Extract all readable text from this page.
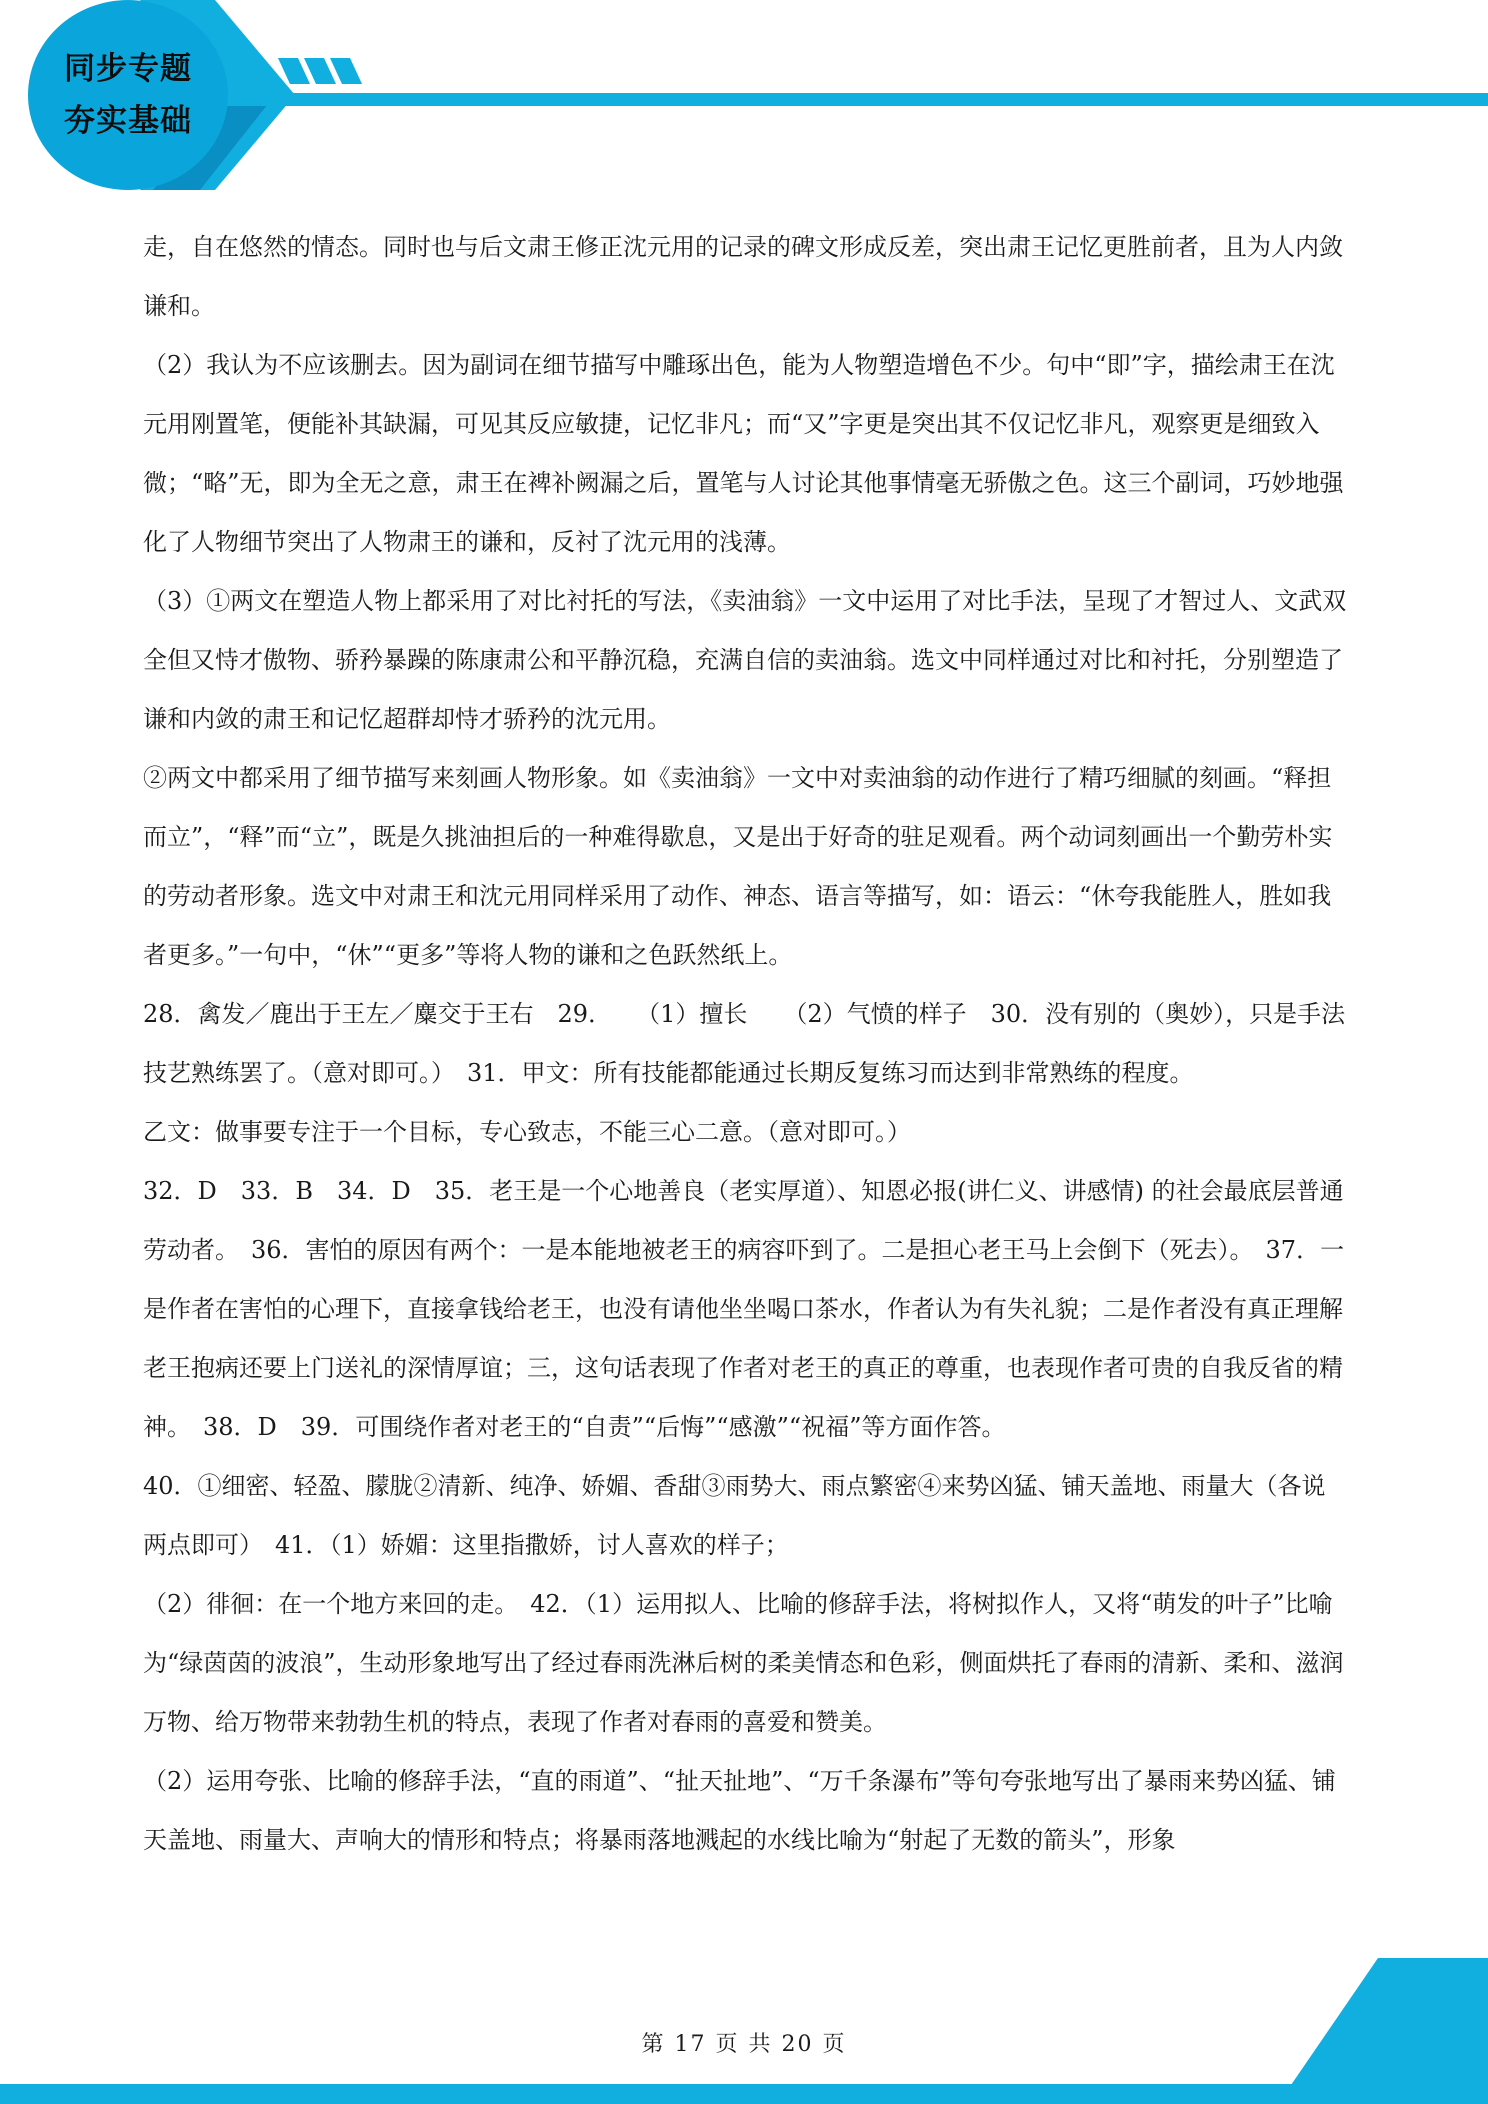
同步专题
夯实基础

走，自在悠然的情态。同时也与后文肃王修正沈元用的记录的碑文形成反差，突出肃王记忆更胜前者，且为人内敛谦和。

（2）我认为不应该删去。因为副词在细节描写中雕琢出色，能为人物塑造增色不少。句中“即”字，描绘肃王在沈元用刚置笔，便能补其缺漏，可见其反应敏捷，记忆非凡；而“又”字更是突出其不仅记忆非凡，观察更是细致入微；“略”无，即为全无之意，肃王在裨补阙漏之后，置笔与人讨论其他事情毫无骄傲之色。这三个副词，巧妙地强化了人物细节突出了人物肃王的谦和，反衬了沈元用的浅薄。

（3）①两文在塑造人物上都采用了对比衬托的写法，《卖油翁》一文中运用了对比手法，呈现了才智过人、文武双全但又恃才傲物、骄矜暴躁的陈康肃公和平静沉稳，充满自信的卖油翁。选文中同样通过对比和衬托，分别塑造了谦和内敛的肃王和记忆超群却恃才骄矜的沈元用。

②两文中都采用了细节描写来刻画人物形象。如《卖油翁》一文中对卖油翁的动作进行了精巧细腻的刻画。“释担而立”，“释”而“立”，既是久挑油担后的一种难得歇息，又是出于好奇的驻足观看。两个动词刻画出一个勤劳朴实的劳动者形象。选文中对肃王和沈元用同样采用了动作、神态、语言等描写，如：语云：“休夸我能胜人，胜如我者更多。”一句中，“休”“更多”等将人物的谦和之色跃然纸上。

28．禽发／鹿出于王左／麋交于王右　29．　　（1）擅长　　（2）气愤的样子　30．没有别的（奥妙），只是手法技艺熟练罢了。（意对即可。）　31．甲文：所有技能都能通过长期反复练习而达到非常熟练的程度。

乙文：做事要专注于一个目标，专心致志，不能三心二意。（意对即可。）

32．D　33．B　34．D　35．老王是一个心地善良（老实厚道）、知恩必报(讲仁义、讲感情) 的社会最底层普通劳动者。　36．害怕的原因有两个：一是本能地被老王的病容吓到了。二是担心老王马上会倒下（死去）。　37．一是作者在害怕的心理下，直接拿钱给老王，也没有请他坐坐喝口茶水，作者认为有失礼貌；二是作者没有真正理解老王抱病还要上门送礼的深情厚谊；三，这句话表现了作者对老王的真正的尊重，也表现作者可贵的自我反省的精神。　38．D　39．可围绕作者对老王的“自责”“后悔”“感激”“祝福”等方面作答。

40．①细密、轻盈、朦胧②清新、纯净、娇媚、香甜③雨势大、雨点繁密④来势凶猛、铺天盖地、雨量大（各说两点即可）　41．（1）娇媚：这里指撒娇，讨人喜欢的样子；

（2）徘徊：在一个地方来回的走。　42．（1）运用拟人、比喻的修辞手法，将树拟作人，又将“萌发的叶子”比喻为“绿茵茵的波浪”，生动形象地写出了经过春雨洗淋后树的柔美情态和色彩，侧面烘托了春雨的清新、柔和、滋润万物、给万物带来勃勃生机的特点，表现了作者对春雨的喜爱和赞美。

（2）运用夸张、比喻的修辞手法，“直的雨道”、“扯天扯地”、“万千条瀑布”等句夸张地写出了暴雨来势凶猛、铺天盖地、雨量大、声响大的情形和特点；将暴雨落地溅起的水线比喻为“射起了无数的箭头”，形象

第 17 页 共 20 页
